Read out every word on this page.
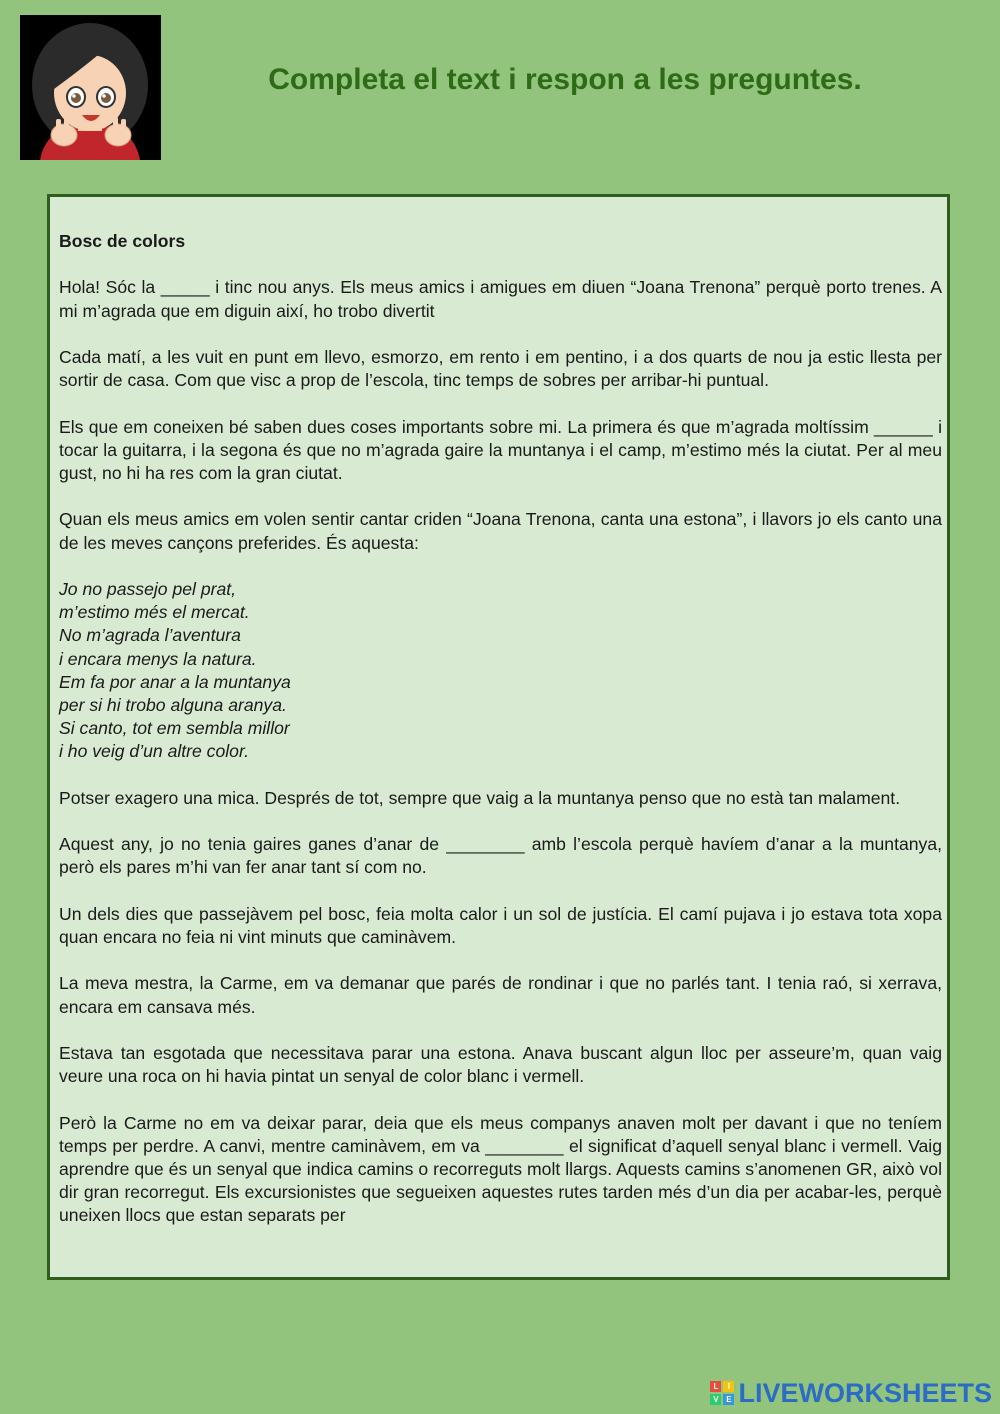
Completa el text i respon a les preguntes.
Bosc de colors

Hola! Sóc la _____ i tinc nou anys. Els meus amics i amigues em diuen “Joana Trenona” perquè porto trenes. A mi m’agrada que em diguin així, ho trobo divertit

Cada matí, a les vuit en punt em llevo, esmorzo, em rento i em pentino, i a dos quarts de nou ja estic llesta per sortir de casa. Com que visc a prop de l’escola, tinc temps de sobres per arribar-hi puntual.

Els que em coneixen bé saben dues coses importants sobre mi. La primera és que m’agrada moltíssim ______ i tocar la guitarra, i la segona és que no m’agrada gaire la muntanya i el camp, m’estimo més la ciutat. Per al meu gust, no hi ha res com la gran ciutat.

Quan els meus amics em volen sentir cantar criden “Joana Trenona, canta una estona”, i llavors jo els canto una de les meves cançons preferides. És aquesta:

Jo no passejo pel prat,
m’estimo més el mercat.
No m’agrada l’aventura
i encara menys la natura.
Em fa por anar a la muntanya
per si hi trobo alguna aranya.
Si canto, tot em sembla millor
i ho veig d’un altre color.

Potser exagero una mica. Després de tot, sempre que vaig a la muntanya penso que no està tan malament.

Aquest any, jo no tenia gaires ganes d’anar de ________ amb l’escola perquè havíem d’anar a la muntanya, però els pares m’hi van fer anar tant sí com no.

Un dels dies que passejàvem pel bosc, feia molta calor i un sol de justícia. El camí pujava i jo estava tota xopa quan encara no feia ni vint minuts que caminàvem.

La meva mestra, la Carme, em va demanar que parés de rondinar i que no parlés tant. I tenia raó, si xerrava, encara em cansava més.

Estava tan esgotada que necessitava parar una estona. Anava buscant algun lloc per asseure’m, quan vaig veure una roca on hi havia pintat un senyal de color blanc i vermell.

Però la Carme no em va deixar parar, deia que els meus companys anaven molt per davant i que no teníem temps per perdre. A canvi, mentre caminàvem, em va ________ el significat d’aquell senyal blanc i vermell. Vaig aprendre que és un senyal que indica camins o recorreguts molt llargs. Aquests camins s’anomenen GR, això vol dir gran recorregut. Els excursionistes que segueixen aquestes rutes tarden més d’un dia per acabar-les, perquè uneixen llocs que estan separats per

L	I
V E LIVEWORKSHEETS
